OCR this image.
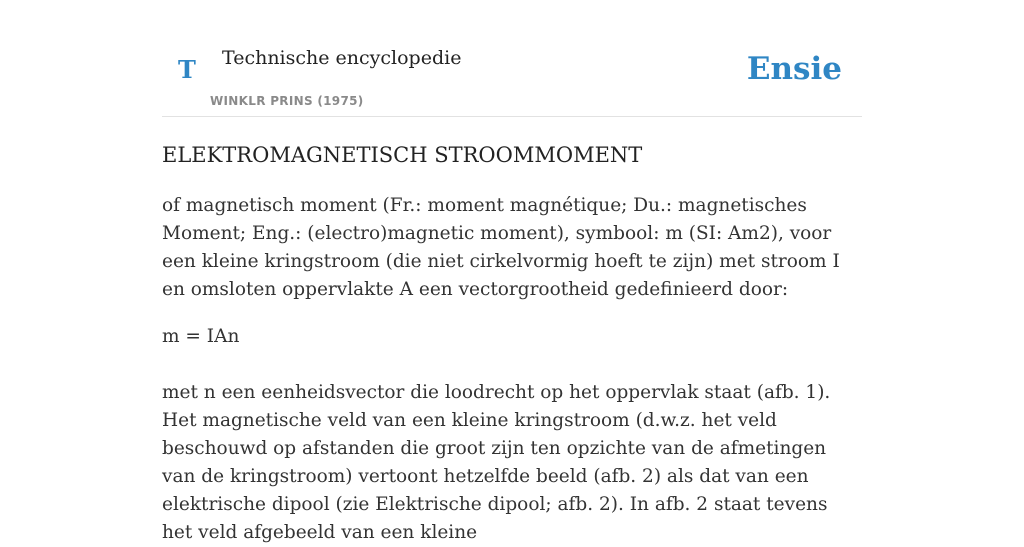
T Technische encyclopedie
WINKLR PRINS (1975)
Ensie
ELEKTROMAGNETISCH STROOMMOMENT

of magnetisch moment (Fr.: moment magnétique; Du.: magnetisches Moment; Eng.: (electro)magnetic moment), symbool: m (SI: Am2), voor een kleine kringstroom (die niet cirkelvormig hoeft te zijn) met stroom I en omsloten oppervlakte A een vectorgrootheid gedefinieerd door:

m = IAn

met n een eenheidsvector die loodrecht op het oppervlak staat (afb. 1). Het magnetische veld van een kleine kringstroom (d.w.z. het veld beschouwd op afstanden die groot zijn ten opzichte van de afmetingen van de kringstroom) vertoont hetzelfde beeld (afb. 2) als dat van een elektrische dipool (zie Elektrische dipool; afb. 2). In afb. 2 staat tevens het veld afgebeeld van een kleine
